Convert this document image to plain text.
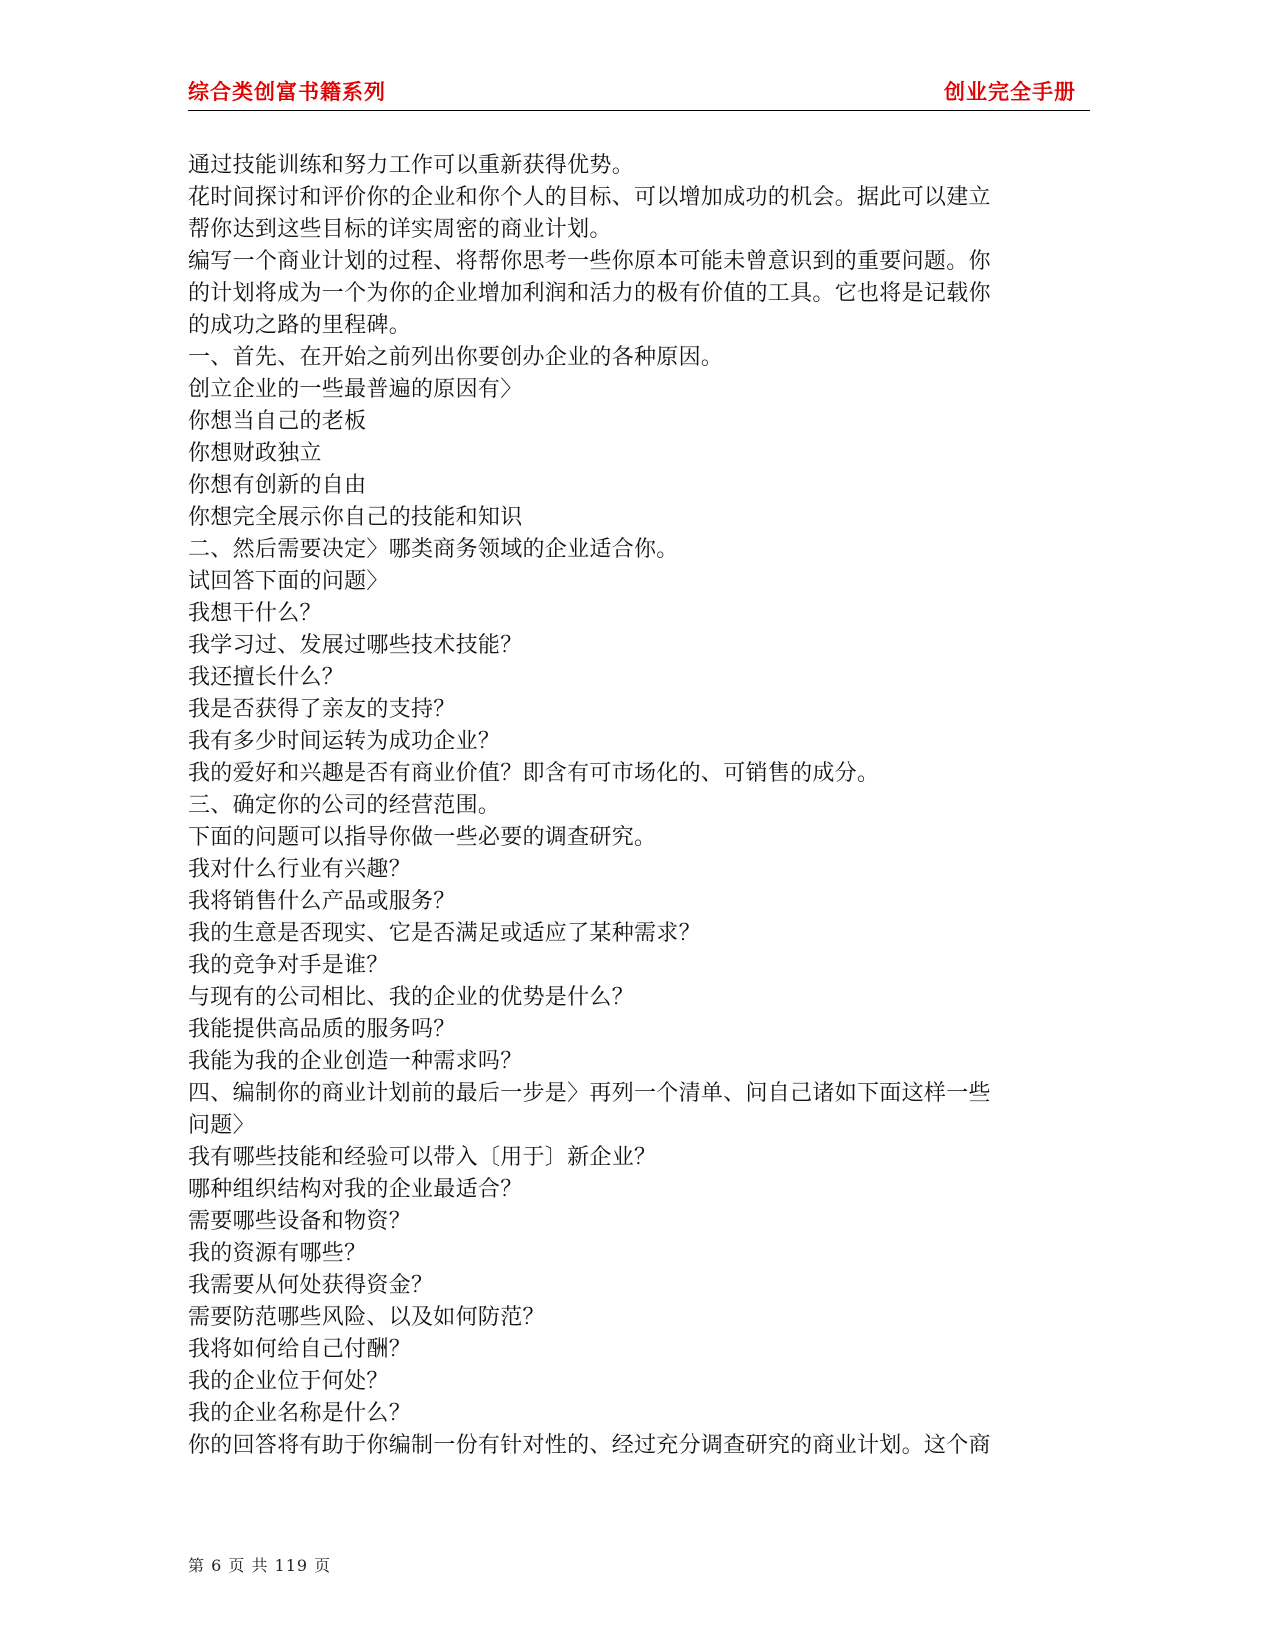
综合类创富书籍系列	创业完全手册
通过技能训练和努力工作可以重新获得优势。
花时间探讨和评价你的企业和你个人的目标、可以增加成功的机会。据此可以建立
帮你达到这些目标的详实周密的商业计划。
编写一个商业计划的过程、将帮你思考一些你原本可能未曾意识到的重要问题。你
的计划将成为一个为你的企业增加利润和活力的极有价值的工具。它也将是记载你
的成功之路的里程碑。
一、首先、在开始之前列出你要创办企业的各种原因。
创立企业的一些最普遍的原因有〉
你想当自己的老板
你想财政独立
你想有创新的自由
你想完全展示你自己的技能和知识
二、然后需要决定〉哪类商务领域的企业适合你。
试回答下面的问题〉
我想干什么？
我学习过、发展过哪些技术技能？
我还擅长什么？
我是否获得了亲友的支持？
我有多少时间运转为成功企业？
我的爱好和兴趣是否有商业价值？即含有可市场化的、可销售的成分。
三、确定你的公司的经营范围。
下面的问题可以指导你做一些必要的调查研究。
我对什么行业有兴趣？
我将销售什么产品或服务？
我的生意是否现实、它是否满足或适应了某种需求？
我的竞争对手是谁？
与现有的公司相比、我的企业的优势是什么？
我能提供高品质的服务吗？
我能为我的企业创造一种需求吗？
四、编制你的商业计划前的最后一步是〉再列一个清单、问自己诸如下面这样一些
问题〉
我有哪些技能和经验可以带入〔用于〕新企业？
哪种组织结构对我的企业最适合？
需要哪些设备和物资？
我的资源有哪些？
我需要从何处获得资金？
需要防范哪些风险、以及如何防范？
我将如何给自己付酬？
我的企业位于何处？
我的企业名称是什么？
你的回答将有助于你编制一份有针对性的、经过充分调查研究的商业计划。这个商
第 6 页 共 119 页
